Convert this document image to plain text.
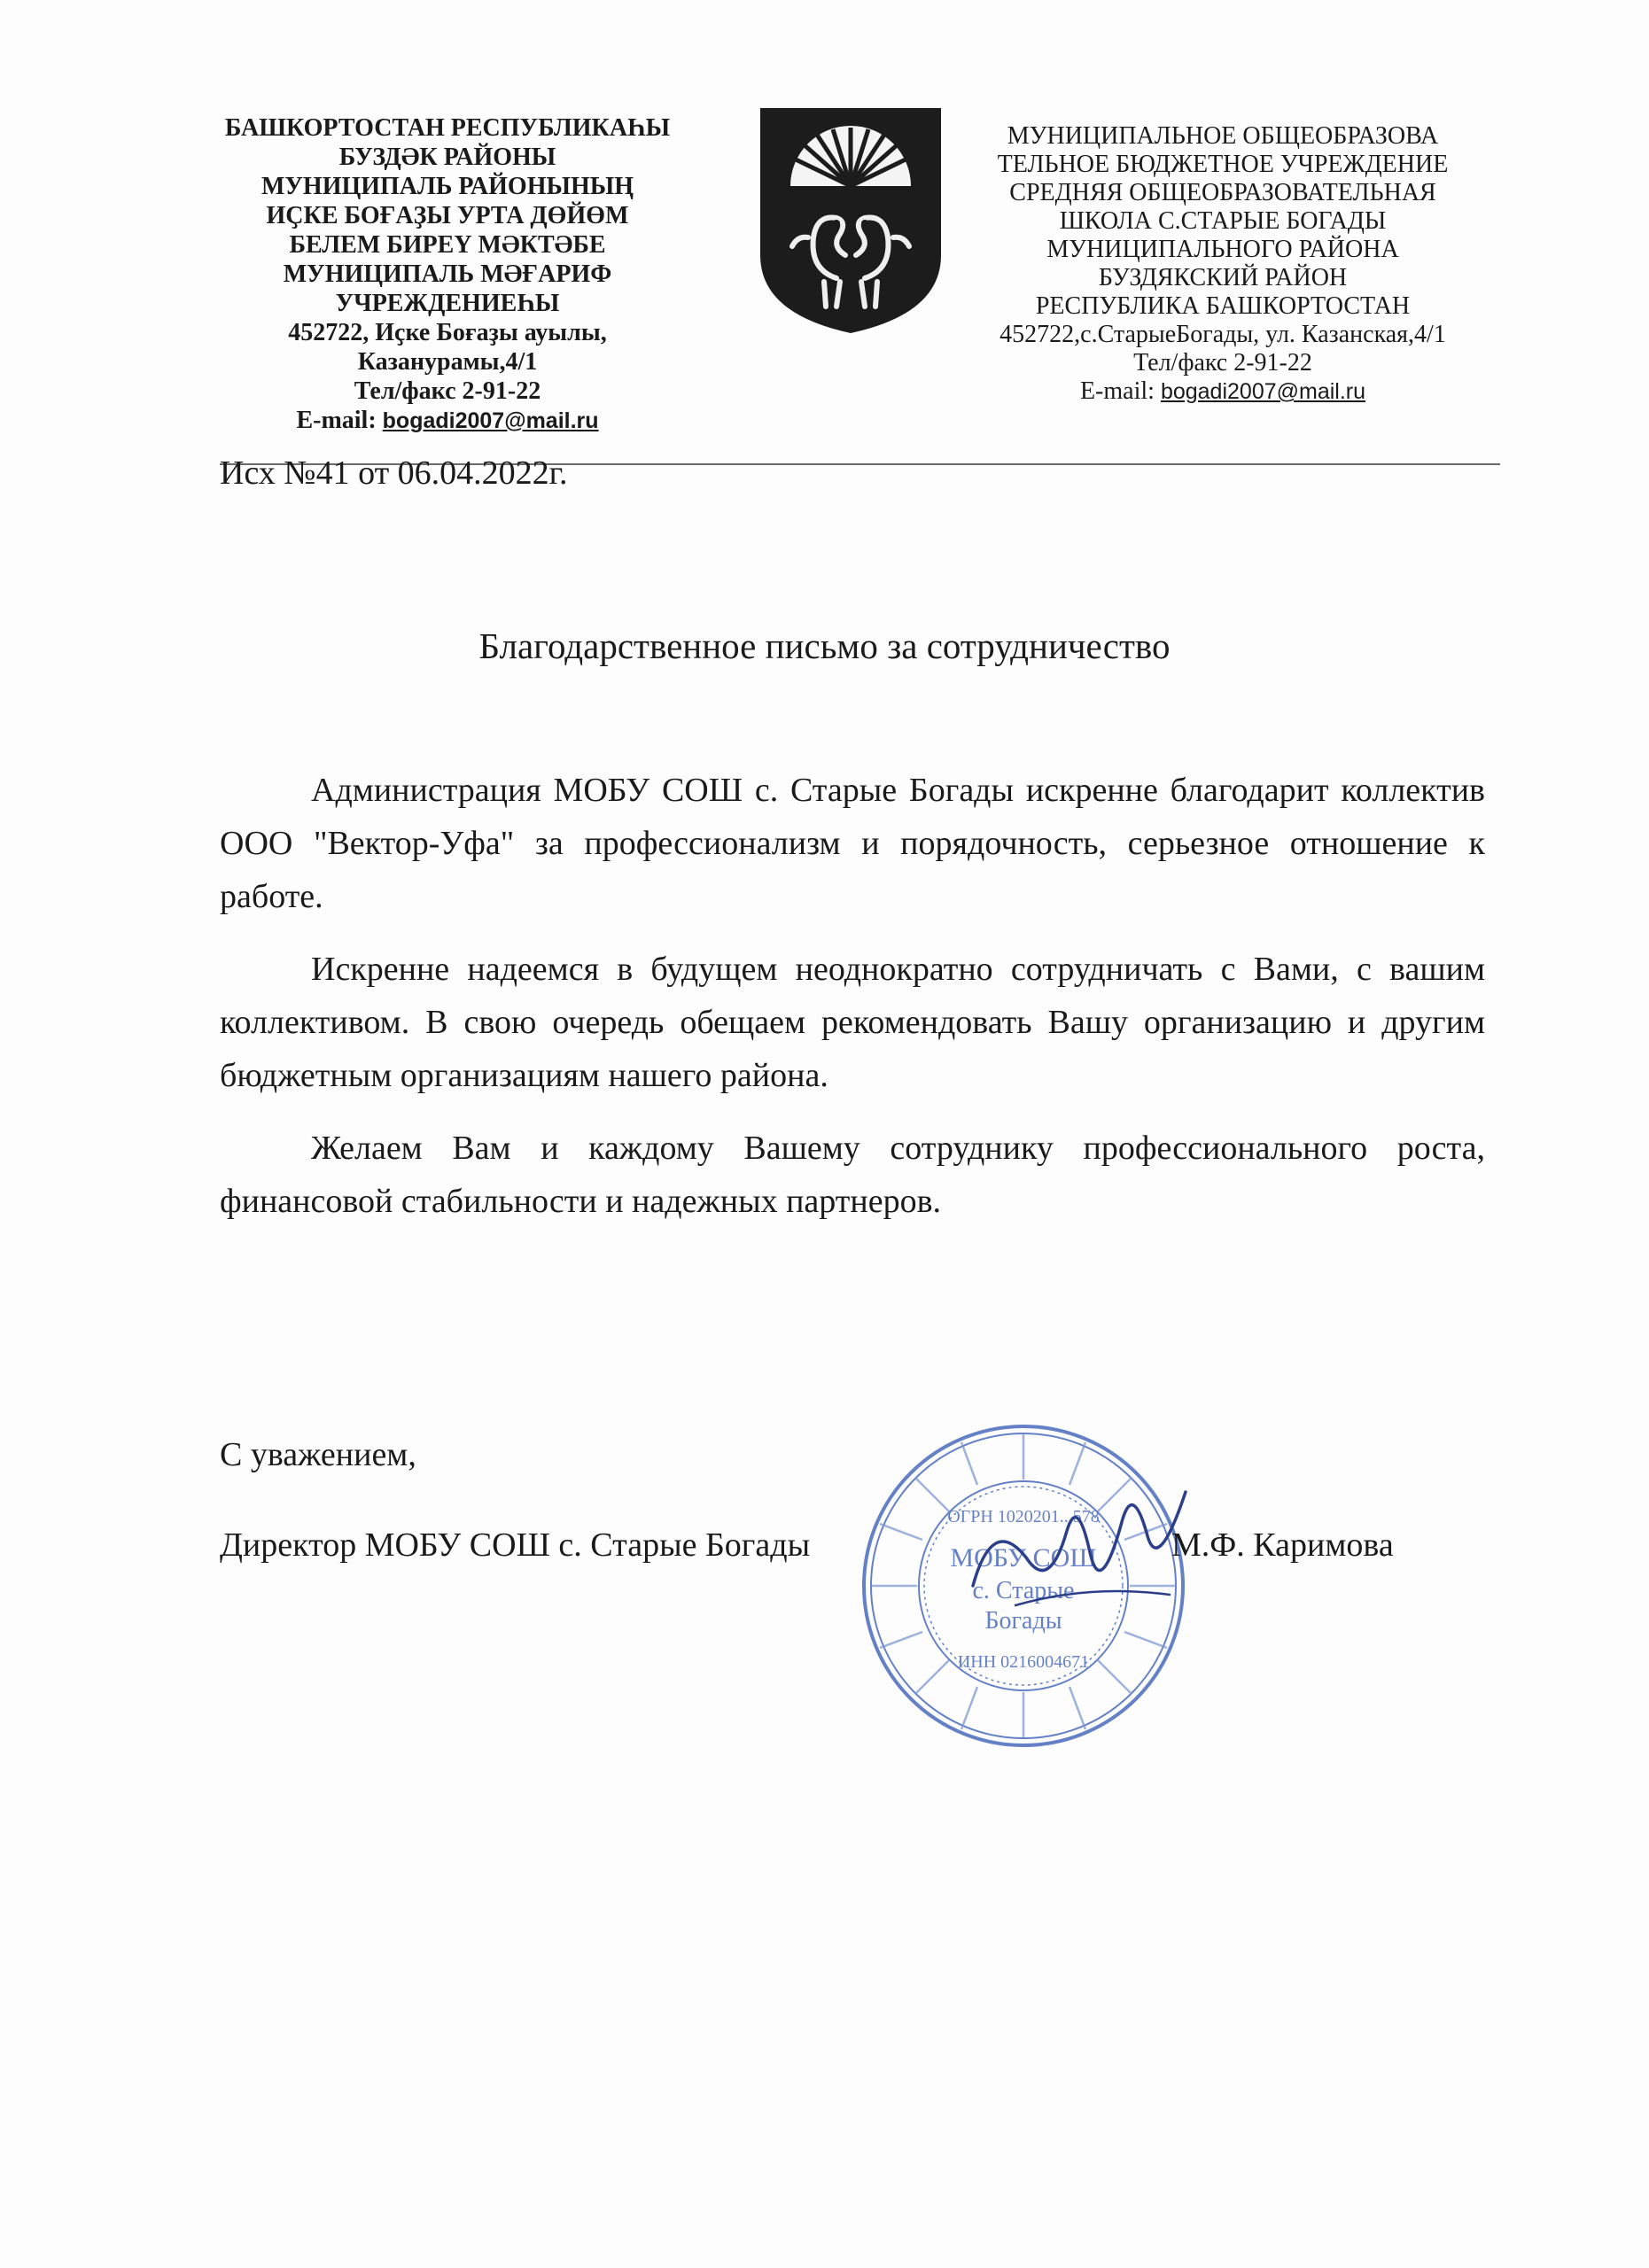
БАШКОРТОСТАН РЕСПУБЛИКАҺЫ
БУЗДӘК РАЙОНЫ
МУНИЦИПАЛЬ РАЙОНЫНЫҢ
ИҪКЕ БОҒАҘЫ УРТА ДӨЙӨМ
БЕЛЕМ БИРЕҮ МӘКТӘБЕ
МУНИЦИПАЛЬ МӘҒАРИФ
УЧРЕЖДЕНИЕҺЫ
452722, Иҫке Боғаҙы ауылы,
Казанурамы,4/1
Тел/факс 2-91-22
E-mail: bogadi2007@mail.ru
МУНИЦИПАЛЬНОЕ ОБЩЕОБРАЗОВА
ТЕЛЬНОЕ БЮДЖЕТНОЕ УЧРЕЖДЕНИЕ
СРЕДНЯЯ ОБЩЕОБРАЗОВАТЕЛЬНАЯ
ШКОЛА С.СТАРЫЕ БОГАДЫ
МУНИЦИПАЛЬНОГО РАЙОНА
БУЗДЯКСКИЙ РАЙОН
РЕСПУБЛИКА БАШКОРТОСТАН
452722,с.СтарыеБогады, ул. Казанская,4/1
Тел/факс 2-91-22
E-mail: bogadi2007@mail.ru
Исх №41 от 06.04.2022г.
Благодарственное письмо за сотрудничество

Администрация МОБУ СОШ с. Старые Богады искренне благодарит коллектив ООО "Вектор-Уфа" за профессионализм и порядочность, серьезное отношение к работе.

Искренне надеемся в будущем неоднократно сотрудничать с Вами, с вашим коллективом. В свою очередь обещаем рекомендовать Вашу организацию и другим бюджетным организациям нашего района.

Желаем Вам и каждому Вашему сотруднику профессионального роста, финансовой стабильности и надежных партнеров.

С уважением,
ОГРН 1020201...578
МОБУ СОШ
с. Старые
Богады
ИНН 0216004671
Директор МОБУ СОШ с. Старые Богады	М.Ф. Каримова
